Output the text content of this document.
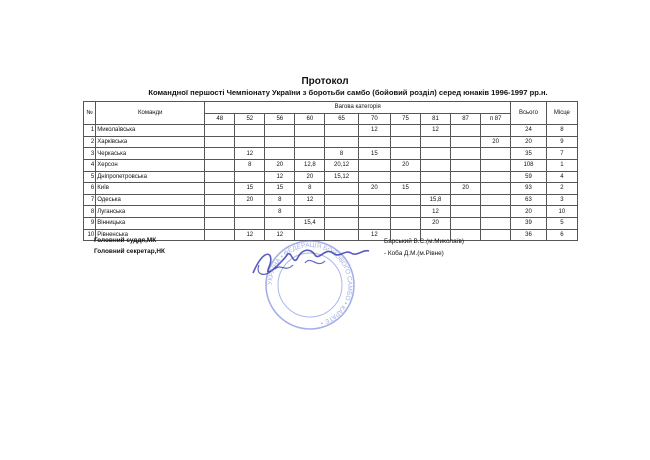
Протокол
Командної першості Чемпіонату України з боротьби самбо (бойовий розділ) серед юнаків 1996-1997 рр.н.
№	Команди	Вагова категорія										Всього	Місце
		48	52	56	60	65	70	75	81	87	п 87		
1	Миколаївська						12		12			24	8
2	Харківська										20	20	9
3	Черкаська		12			8	15					35	7
4	Херсон		8	20	12,8	20,12		20				108	1
5	Дніпропетровська			12	20	15,12						59	4
6	Київ		15	15	8		20	15		20		93	2
7	Одеська		20	8	12				15,8			63	3
8	Луганська			8					12			20	10
9	Вінницька				15,4				20			39	5
10	Рівненська		12	12			12					36	6
Головний суддя,МК
Головний секретар,НК
Барський В.Є.(м.Миколаїв)
- Коба Д.М.(м.Рівне)
УКРАЇНА • ФЕДЕРАЦІЯ БОЙОВОГО САМБО • КАРАТЕ •
